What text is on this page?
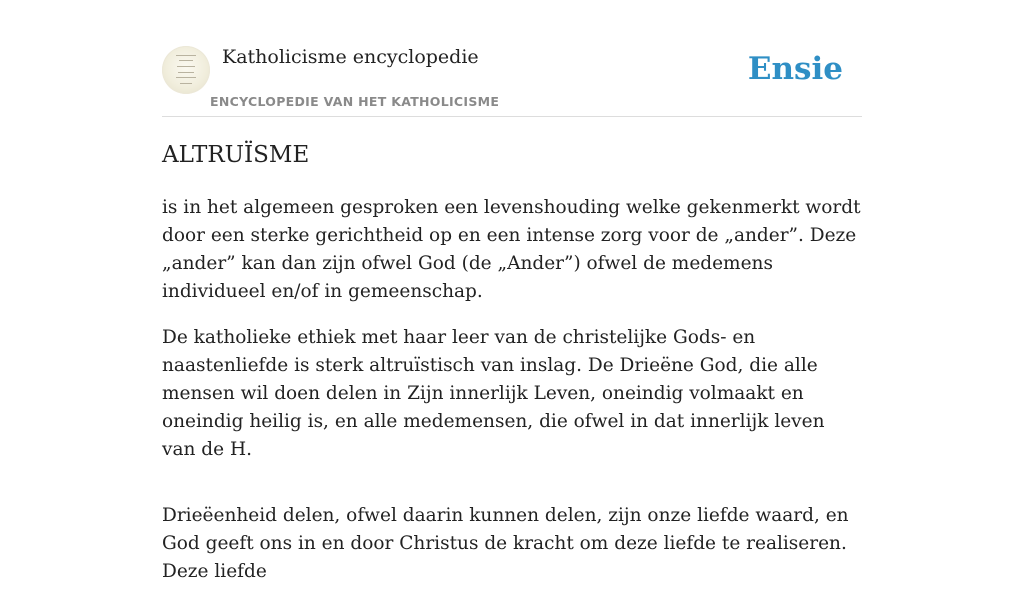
Katholicisme encyclopedie
ENCYCLOPEDIE VAN HET KATHOLICISME
Ensie
ALTRUÏSME

is in het algemeen gesproken een levenshouding welke gekenmerkt wordt door een sterke gerichtheid op en een intense zorg voor de „ander”. Deze „ander” kan dan zijn ofwel God (de „Ander”) ofwel de medemens individueel en/of in gemeenschap.

De katholieke ethiek met haar leer van de christelijke Gods- en naastenliefde is sterk altruïstisch van inslag. De Drieëne God, die alle mensen wil doen delen in Zijn innerlijk Leven, oneindig volmaakt en oneindig heilig is, en alle medemensen, die ofwel in dat innerlijk leven van de H.

Drieëenheid delen, ofwel daarin kunnen delen, zijn onze liefde waard, en God geeft ons in en door Christus de kracht om deze liefde te realiseren. Deze liefde
